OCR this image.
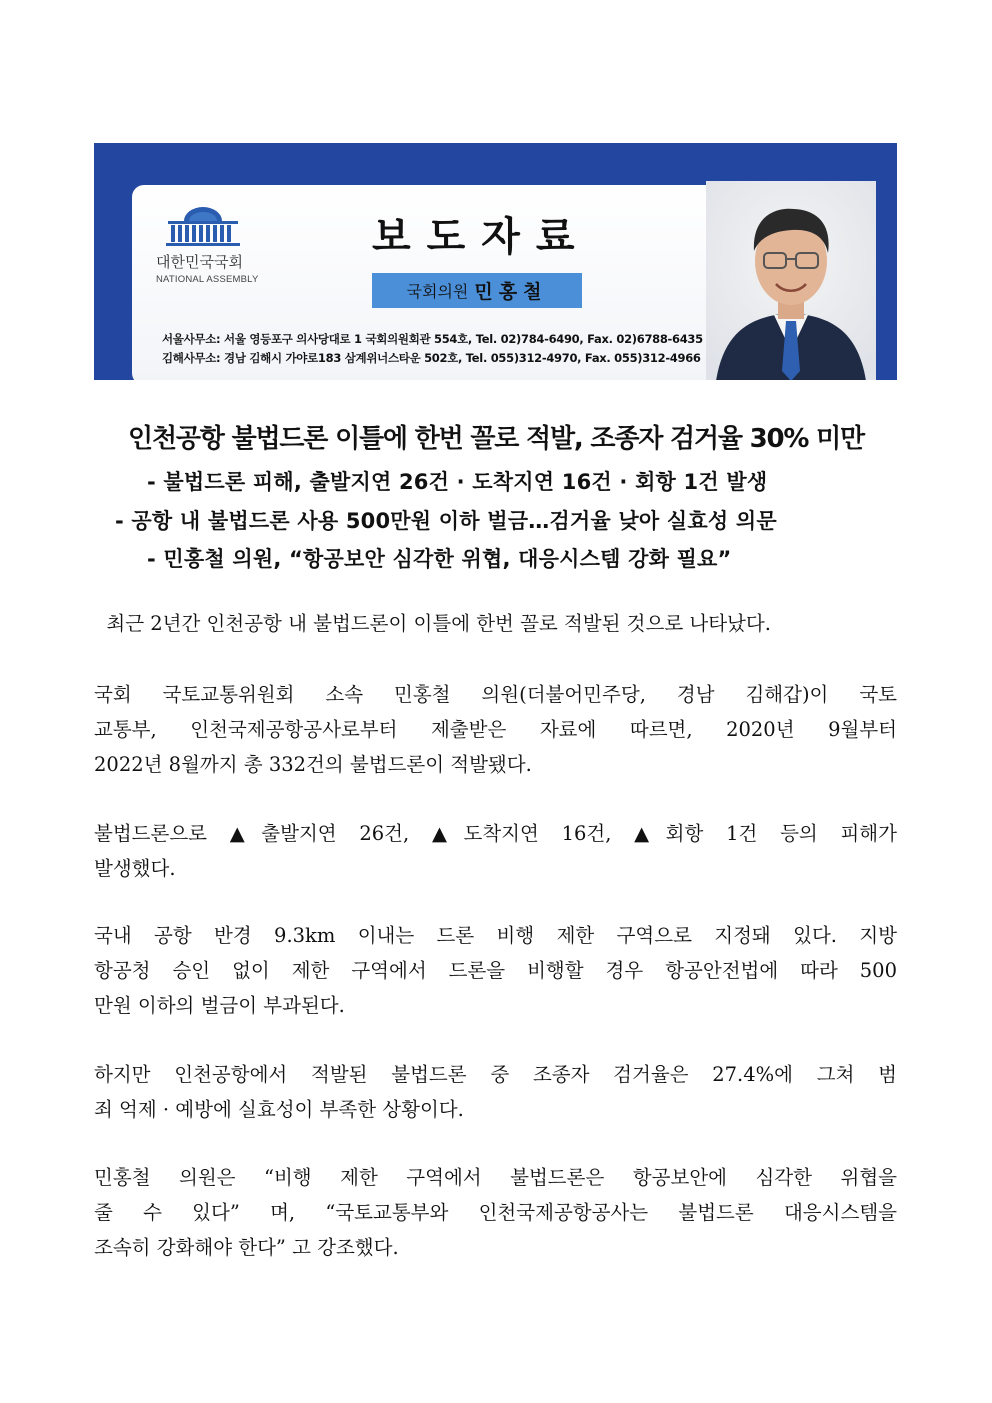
대한민국국회
NATIONAL ASSEMBLY
보도자료
국회의원 민홍철
서울사무소: 서울 영등포구 의사당대로 1 국회의원회관 554호, Tel. 02)784-6490, Fax. 02)6788-6435
김해사무소: 경남 김해시 가야로183 삼계위너스타운 502호, Tel. 055)312-4970, Fax. 055)312-4966
인천공항 불법드론 이틀에 한번 꼴로 적발, 조종자 검거율 30% 미만
- 불법드론 피해, 출발지연 26건 · 도착지연 16건 · 회항 1건 발생
- 공항 내 불법드론 사용 500만원 이하 벌금…검거율 낮아 실효성 의문
- 민홍철 의원, “항공보안 심각한 위협, 대응시스템 강화 필요”
최근 2년간 인천공항 내 불법드론이 이틀에 한번 꼴로 적발된 것으로 나타났다.
국회 국토교통위원회 소속 민홍철 의원(더불어민주당, 경남 김해갑)이 국토
교통부, 인천국제공항공사로부터 제출받은 자료에 따르면, 2020년 9월부터
2022년 8월까지 총 332건의 불법드론이 적발됐다.
불법드론으로 ▲출발지연 26건, ▲도착지연 16건, ▲회항 1건 등의 피해가
발생했다.
국내 공항 반경 9.3km 이내는 드론 비행 제한 구역으로 지정돼 있다. 지방
항공청 승인 없이 제한 구역에서 드론을 비행할 경우 항공안전법에 따라 500
만원 이하의 벌금이 부과된다.
하지만 인천공항에서 적발된 불법드론 중 조종자 검거율은 27.4%에 그쳐 범
죄 억제 · 예방에 실효성이 부족한 상황이다.
민홍철 의원은 “비행 제한 구역에서 불법드론은 항공보안에 심각한 위협을
줄 수 있다” 며, “국토교통부와 인천국제공항공사는 불법드론 대응시스템을
조속히 강화해야 한다” 고 강조했다.
